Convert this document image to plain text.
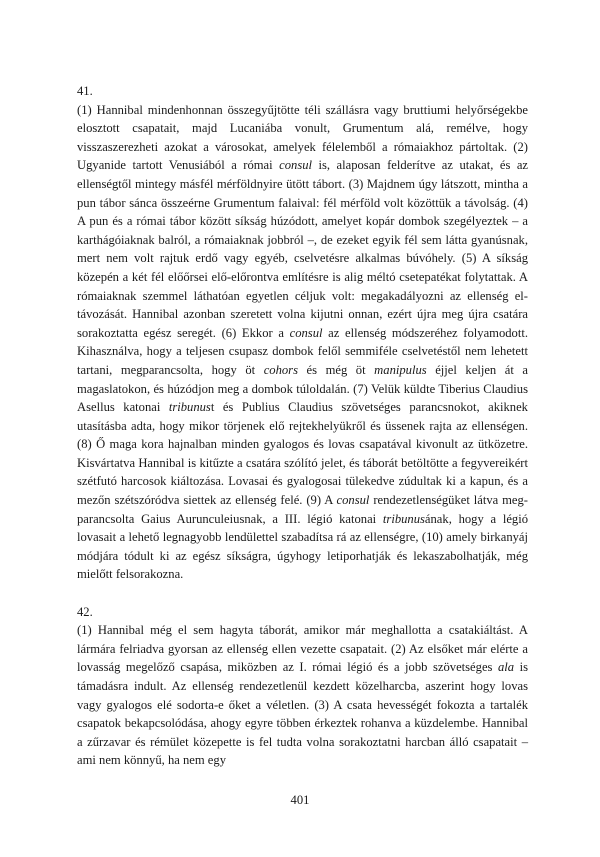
41.

(1) Hannibal mindenhonnan összegyűjtötte téli szállásra vagy bruttiumi helyőrségekbe elosztott csapatait, majd Lucaniába vonult, Grumentum alá, remélve, hogy visszaszerezheti azokat a városokat, amelyek félelemből a rómaiakhoz pártoltak. (2) Ugyanide tartott Venusiából a római consul is, alaposan felderítve az utakat, és az ellenségtől mintegy másfél mérföldnyire ütött tábort. (3) Majdnem úgy látszott, mintha a pun tábor sánca összeérne Grumentum falaival: fél mérföld volt közöttük a távolság. (4) A pun és a római tábor között síkság húzódott, amelyet kopár dombok szegélyeztek – a karthágóiaknak balról, a rómaiaknak jobbról –, de ezeket egyik fél sem látta gyanúsnak, mert nem volt rajtuk erdő vagy egyéb, cselvetésre alkalmas búvóhely. (5) A síkság közepén a két fél előőrsei elő-előrontva említésre is alig méltó csetepatékat folytattak. A rómaiaknak szemmel láthatóan egyetlen céljuk volt: megakadályozni az ellenség eltávozását. Hannibal azonban szeretett volna kijutni onnan, ezért újra meg újra csatára sorakoztatta egész seregét. (6) Ekkor a consul az ellenség módszeréhez folyamodott. Kihasználva, hogy a teljesen csupasz dombok felől semmiféle cselvetéstől nem lehetett tartani, megparancsolta, hogy öt cohors és még öt manipulus éjjel keljen át a magaslatokon, és húzódjon meg a dombok túloldalán. (7) Velük küldte Tiberius Claudius Asellus katonai tribunust és Publius Claudius szövetséges parancsnokot, akiknek utasításba adta, hogy mikor törjenek elő rejtekhelyükről és üssenek rajta az ellenségen. (8) Ő maga kora hajnalban minden gyalogos és lovas csapatával kivonult az ütközetre. Kisvártatva Hannibal is kitűzte a csatára szólító jelet, és táborát betöltötte a fegyvereikért szétfutó harcosok kiáltozása. Lovasai és gyalogosai tülekedve zúdultak ki a kapun, és a mezőn szétszóródva siettek az ellenség felé. (9) A consul rendezetlenségüket látva megparancsolta Gaius Aurunculeiusnak, a III. légió katonai tribunusának, hogy a légió lovasait a lehető legnagyobb lendülettel szabadítsa rá az ellenségre, (10) amely birkanyáj módjára tódult ki az egész síkságra, úgyhogy letiporhatják és lekaszabolhatják, még mielőtt felsorakozna.

42.

(1) Hannibal még el sem hagyta táborát, amikor már meghallotta a csatakiáltást. A lármára felriadva gyorsan az ellenség ellen vezette csapatait. (2) Az elsőket már elérte a lovasság megelőző csapása, miközben az I. római légió és a jobb szövetséges ala is támadásra indult. Az ellenség rendezetlenül kezdett közelharcba, aszerint hogy lovas vagy gyalogos elé sodorta-e őket a véletlen. (3) A csata hevességét fokozta a tartalék csapatok bekapcsolódása, ahogy egyre többen érkeztek rohanva a küzdelembe. Hannibal a zűrzavar és rémület közepette is fel tudta volna sorakoztatni harcban álló csapatait – ami nem könnyű, ha nem egy

401
